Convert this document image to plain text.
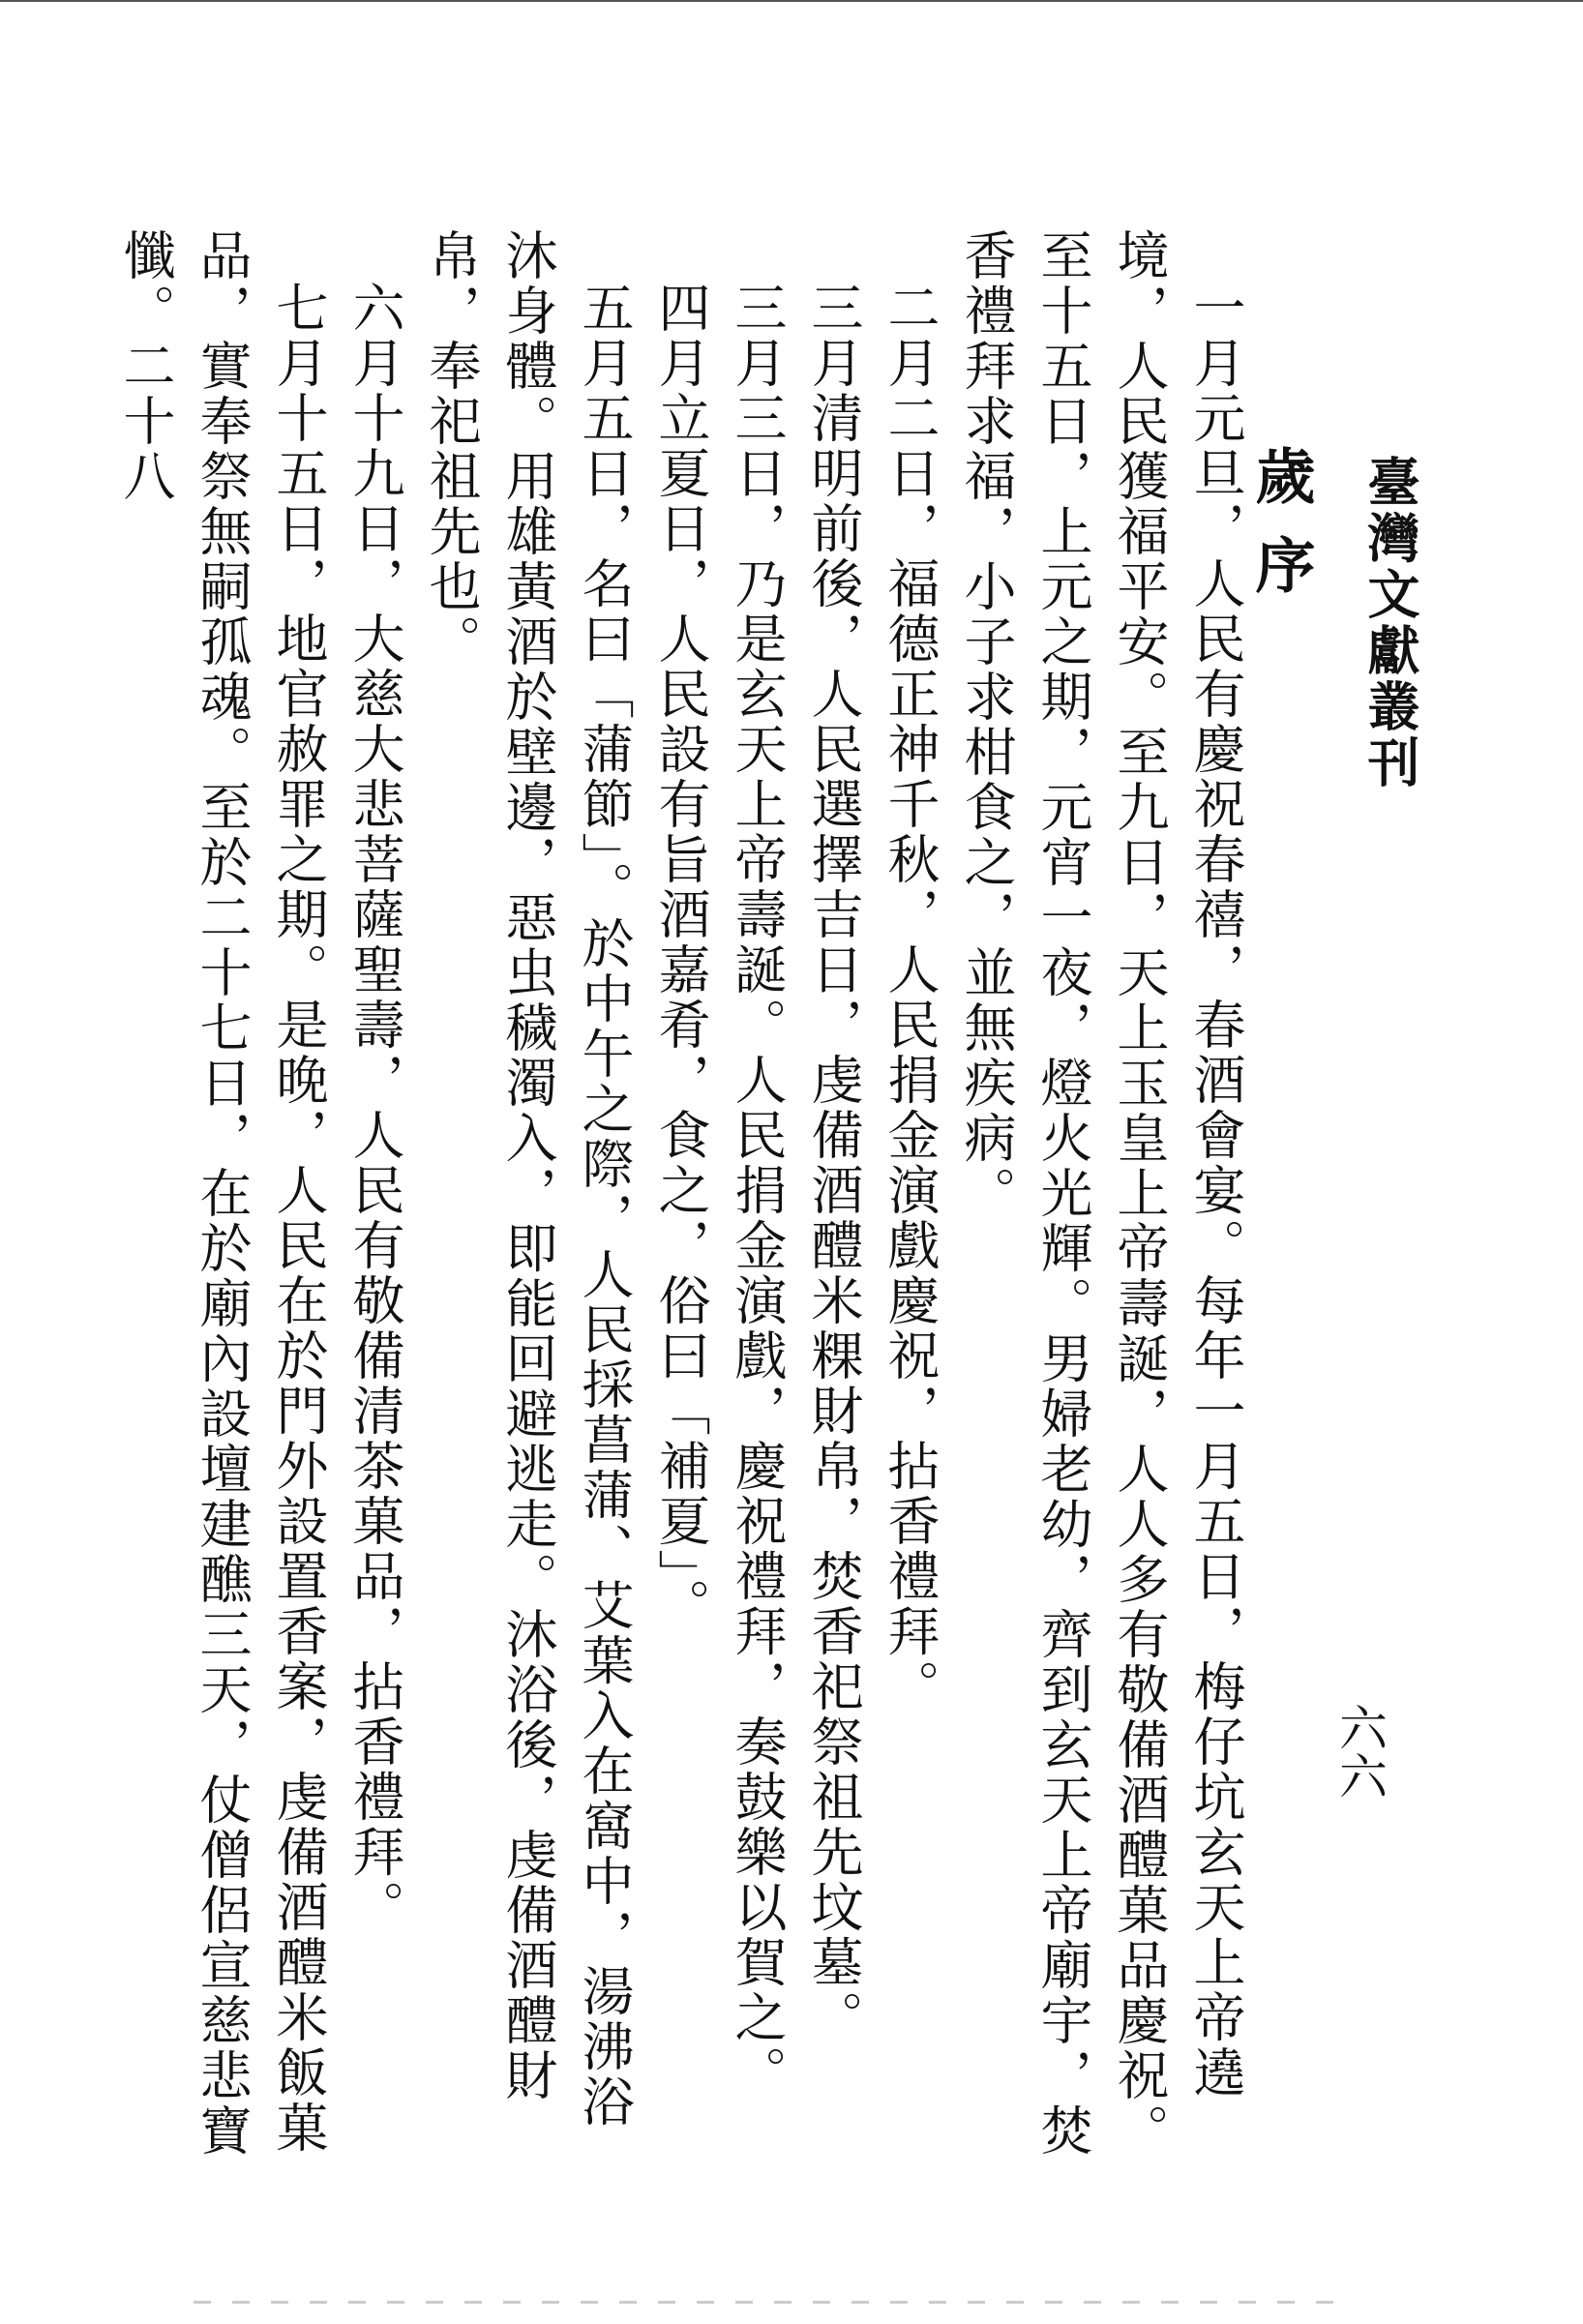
臺灣文獻叢刊
六六
歲序

一月元旦，人民有慶祝春禧，春酒會宴。每年一月五日，梅仔坑玄天上帝遶境，人民獲福平安。至九日，天上玉皇上帝壽誕，人人多有敬備酒醴菓品慶祝。至十五日，上元之期，元宵一夜，燈火光輝。男婦老幼，齊到玄天上帝廟宇，焚香禮拜求福，小子求柑食之，並無疾病。

二月二日，福德正神千秋，人民捐金演戲慶祝，拈香禮拜。

三月清明前後，人民選擇吉日，虔備酒醴米粿財帛，焚香祀祭祖先坟墓。

三月三日，乃是玄天上帝壽誕。人民捐金演戲，慶祝禮拜，奏鼓樂以賀之。

四月立夏日，人民設有旨酒嘉肴，食之，俗曰「補夏」。

五月五日，名曰「蒲節」。於中午之際，人民採菖蒲、艾葉入在窩中，湯沸浴沐身體。用雄黃酒於壁邊，惡虫穢濁入，即能回避逃走。沐浴後，虔備酒醴財帛，奉祀祖先也。

六月十九日，大慈大悲菩薩聖壽，人民有敬備清茶菓品，拈香禮拜。

七月十五日，地官赦罪之期。是晚，人民在於門外設置香案，虔備酒醴米飯菓品，實奉祭無嗣孤魂。至於二十七日，在於廟內設壇建醮三天，仗僧侶宣慈悲寶懺。二十八
